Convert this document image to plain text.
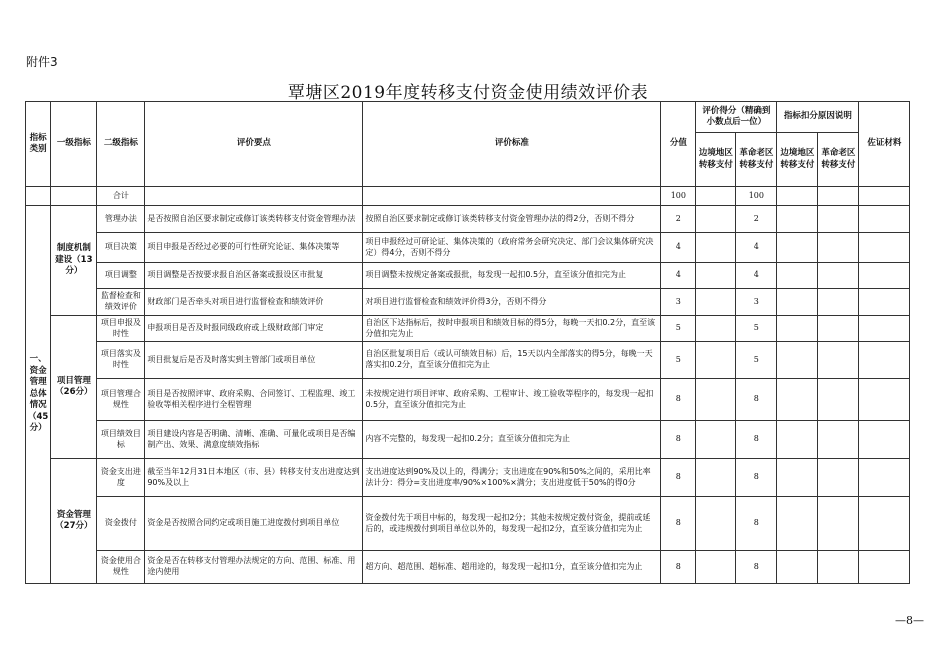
附件3
覃塘区2019年度转移支付资金使用绩效评价表
指标类别	一级指标	二级指标	评价要点	评价标准	分值	评价得分（精确到小数点后一位）		指标扣分原因说明		佐证材料
						边境地区转移支付	革命老区转移支付	边境地区转移支付	革命老区转移支付	
		合计			100		100			
一、资金管理总体情况（45分）	制度机制建设（13分）	管理办法	是否按照自治区要求制定或修订该类转移支付资金管理办法	按照自治区要求制定或修订该类转移支付资金管理办法的得2分，否则不得分	2		2			
		项目决策	项目申报是否经过必要的可行性研究论证、集体决策等	项目申报经过可研论证、集体决策的（政府常务会研究决定、部门会议集体研究决定）得4分，否则不得分	4		4			
		项目调整	项目调整是否按要求报自治区备案或报设区市批复	项目调整未按规定备案或报批，每发现一起扣0.5分，直至该分值扣完为止	4		4			
		监督检查和绩效评价	财政部门是否牵头对项目进行监督检查和绩效评价	对项目进行监督检查和绩效评价得3分，否则不得分	3		3			
	项目管理（26分）	项目申报及时性	申报项目是否及时报同级政府或上级财政部门审定	自治区下达指标后，按时申报项目和绩效目标的得5分，每晚一天扣0.2分，直至该分值扣完为止	5		5			
		项目落实及时性	项目批复后是否及时落实到主管部门或项目单位	自治区批复项目后（或认可绩效目标）后，15天以内全部落实的得5分，每晚一天落实扣0.2分，直至该分值扣完为止	5		5			
		项目管理合规性	项目是否按照评审、政府采购、合同签订、工程监理、竣工验收等相关程序进行全程管理	未按规定进行项目评审、政府采购、工程审计、竣工验收等程序的，每发现一起扣0.5分，直至该分值扣完为止	8		8			
		项目绩效目标	项目建设内容是否明确、清晰、准确、可量化或项目是否编制产出、效果、满意度绩效指标	内容不完整的，每发现一起扣0.2分；直至该分值扣完为止	8		8			
	资金管理（27分）	资金支出进度	截至当年12月31日本地区（市、县）转移支付支出进度达到90%及以上	支出进度达到90%及以上的，得满分；支出进度在90%和50%之间的，采用比率法计分：得分=支出进度率/90%×100%×满分；支出进度低于50%的得0分	8		8			
		资金拨付	资金是否按照合同约定或项目施工进度拨付到项目单位	资金拨付先于项目中标的，每发现一起扣2分；其他未按规定拨付资金，提前或延后的，或违规拨付到项目单位以外的，每发现一起扣2分，直至该分值扣完为止	8		8			
		资金使用合规性	资金是否在转移支付管理办法规定的方向、范围、标准、用途内使用	超方向、超范围、超标准、超用途的，每发现一起扣1分，直至该分值扣完为止	8		8			
—8—
